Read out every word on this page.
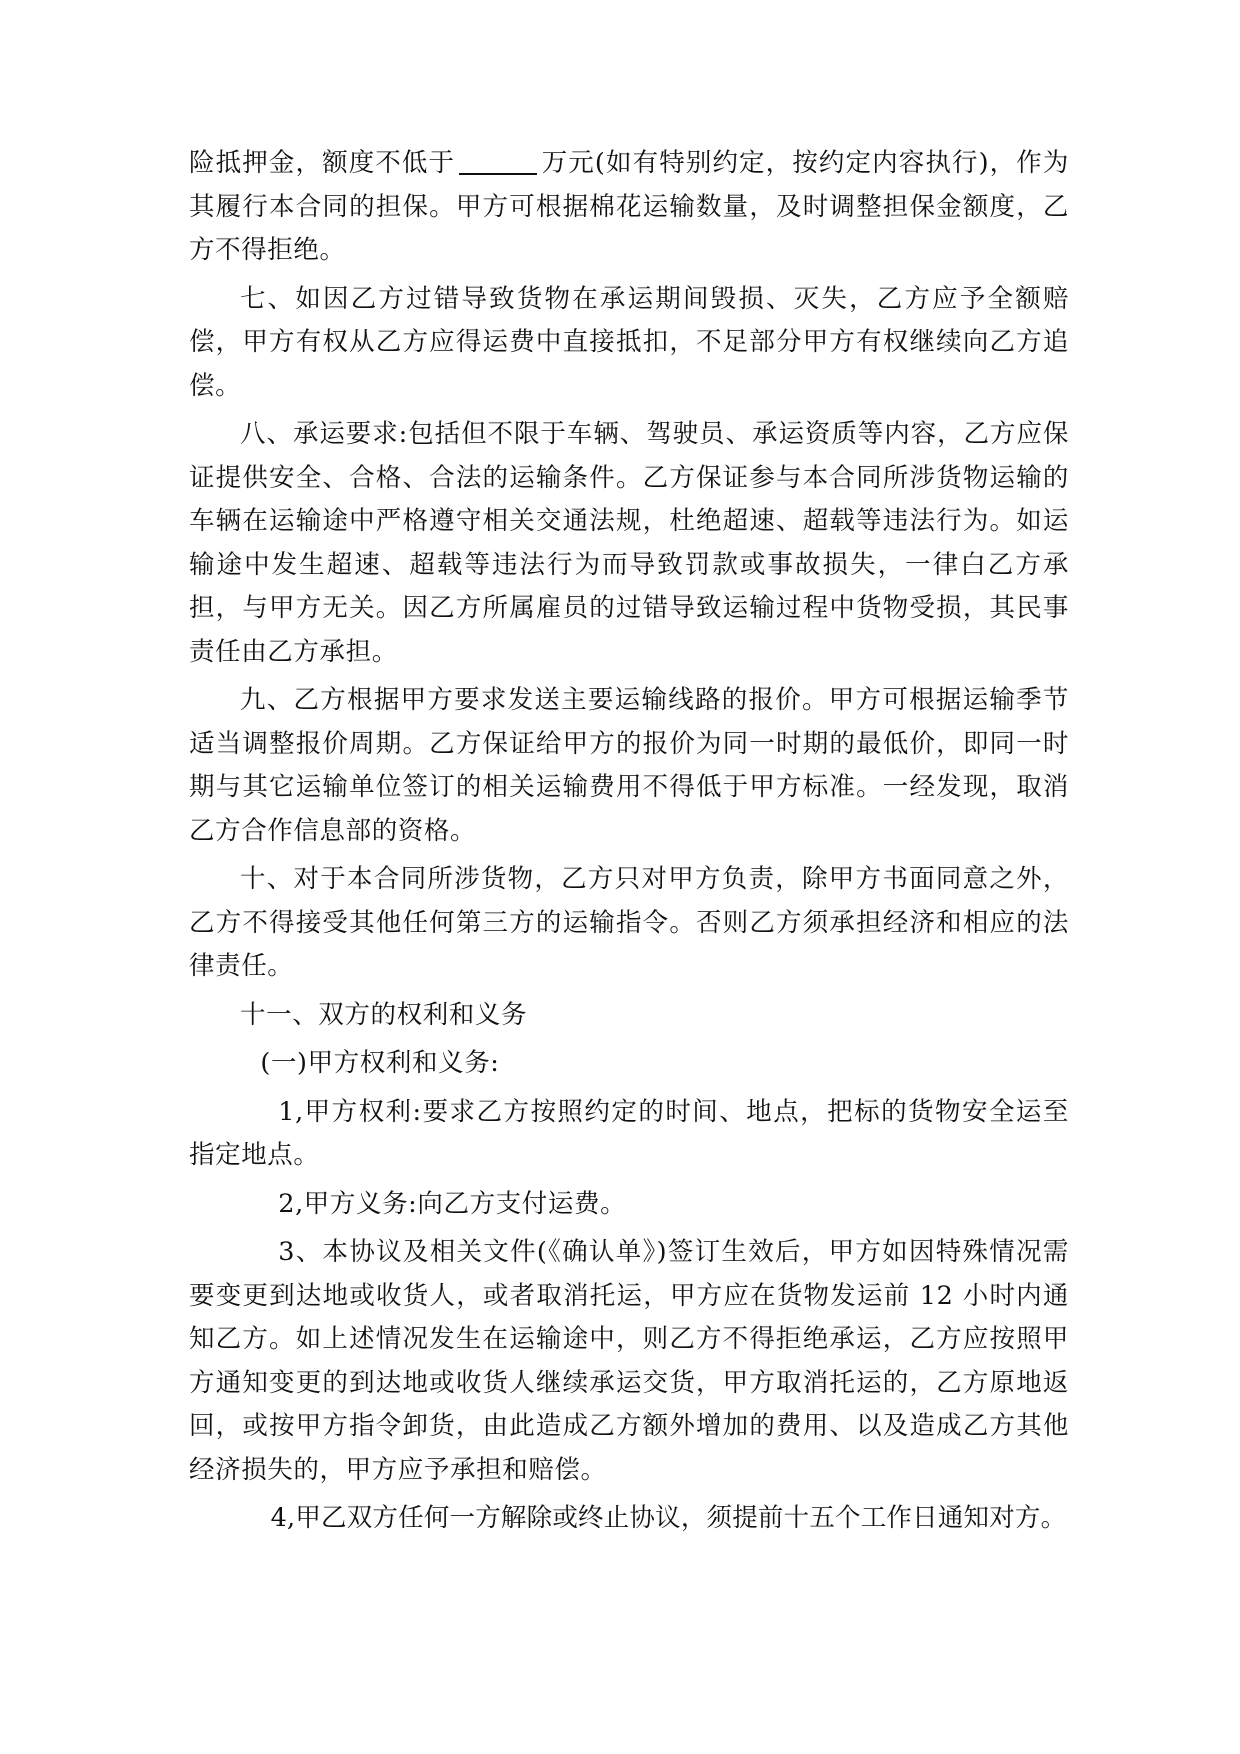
险抵押金，额度不低于	万元(如有特别约定，按约定内容执行)，作为其履行本合同的担保。甲方可根据棉花运输数量，及时调整担保金额度，乙方不得拒绝。

七、如因乙方过错导致货物在承运期间毁损、灭失，乙方应予全额赔偿，甲方有权从乙方应得运费中直接抵扣，不足部分甲方有权继续向乙方追偿。

八、承运要求:包括但不限于车辆、驾驶员、承运资质等内容，乙方应保证提供安全、合格、合法的运输条件。乙方保证参与本合同所涉货物运输的车辆在运输途中严格遵守相关交通法规，杜绝超速、超载等违法行为。如运输途中发生超速、超载等违法行为而导致罚款或事故损失，一律白乙方承担，与甲方无关。因乙方所属雇员的过错导致运输过程中货物受损，其民事责任由乙方承担。

九、乙方根据甲方要求发送主要运输线路的报价。甲方可根据运输季节适当调整报价周期。乙方保证给甲方的报价为同一时期的最低价，即同一时期与其它运输单位签订的相关运输费用不得低于甲方标准。一经发现，取消乙方合作信息部的资格。

十、对于本合同所涉货物，乙方只对甲方负责，除甲方书面同意之外，乙方不得接受其他任何第三方的运输指令。否则乙方须承担经济和相应的法律责任。

十一、双方的权利和义务

(一)甲方权利和义务:

1,甲方权利:要求乙方按照约定的时间、地点，把标的货物安全运至指定地点。

2,甲方义务:向乙方支付运费。

3、本协议及相关文件(《确认单》)签订生效后，甲方如因特殊情况需要变更到达地或收货人，或者取消托运，甲方应在货物发运前 12 小时内通知乙方。如上述情况发生在运输途中，则乙方不得拒绝承运，乙方应按照甲方通知变更的到达地或收货人继续承运交货，甲方取消托运的，乙方原地返回，或按甲方指令卸货，由此造成乙方额外增加的费用、以及造成乙方其他经济损失的，甲方应予承担和赔偿。

4,甲乙双方任何一方解除或终止协议，须提前十五个工作日通知对方。
